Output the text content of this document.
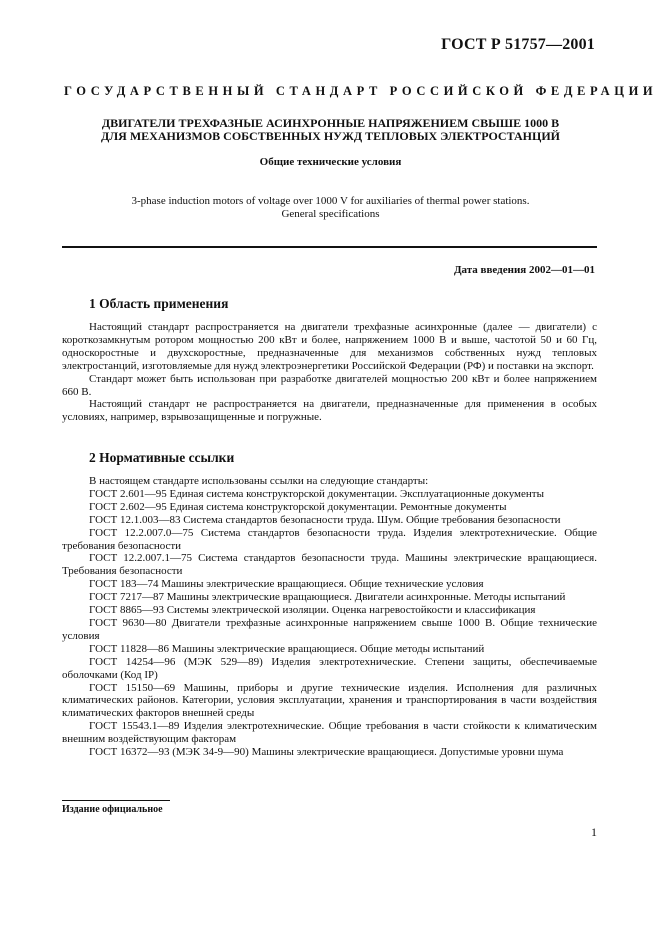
ГОСТ Р 51757—2001
ГОСУДАРСТВЕННЫЙ СТАНДАРТ РОССИЙСКОЙ ФЕДЕРАЦИИ
ДВИГАТЕЛИ ТРЕХФАЗНЫЕ АСИНХРОННЫЕ НАПРЯЖЕНИЕМ СВЫШЕ 1000 В
ДЛЯ МЕХАНИЗМОВ СОБСТВЕННЫХ НУЖД ТЕПЛОВЫХ ЭЛЕКТРОСТАНЦИЙ
Общие технические условия
3-phase induction motors of voltage over 1000 V for auxiliaries of thermal power stations.
General specifications
Дата введения 2002—01—01
1 Область применения

Настоящий стандарт распространяется на двигатели трехфазные асинхронные (далее — двигатели) с короткозамкнутым ротором мощностью 200 кВт и более, напряжением 1000 В и выше, частотой 50 и 60 Гц, односкоростные и двухскоростные, предназначенные для механизмов собственных нужд тепловых электростанций, изготовляемые для нужд электроэнергетики Российской Федерации (РФ) и поставки на экспорт.

Стандарт может быть использован при разработке двигателей мощностью 200 кВт и более напряжением 660 В.

Настоящий стандарт не распространяется на двигатели, предназначенные для применения в особых условиях, например, взрывозащищенные и погружные.

2 Нормативные ссылки

В настоящем стандарте использованы ссылки на следующие стандарты:

ГОСТ 2.601—95 Единая система конструкторской документации. Эксплуатационные документы

ГОСТ 2.602—95 Единая система конструкторской документации. Ремонтные документы

ГОСТ 12.1.003—83 Система стандартов безопасности труда. Шум. Общие требования безопасности

ГОСТ 12.2.007.0—75 Система стандартов безопасности труда. Изделия электротехнические. Общие требования безопасности

ГОСТ 12.2.007.1—75 Система стандартов безопасности труда. Машины электрические вращающиеся. Требования безопасности

ГОСТ 183—74 Машины электрические вращающиеся. Общие технические условия

ГОСТ 7217—87 Машины электрические вращающиеся. Двигатели асинхронные. Методы испытаний

ГОСТ 8865—93 Системы электрической изоляции. Оценка нагревостойкости и классификация

ГОСТ 9630—80 Двигатели трехфазные асинхронные напряжением свыше 1000 В. Общие технические условия

ГОСТ 11828—86 Машины электрические вращающиеся. Общие методы испытаний

ГОСТ 14254—96 (МЭК 529—89) Изделия электротехнические. Степени защиты, обеспечиваемые оболочками (Код IP)

ГОСТ 15150—69 Машины, приборы и другие технические изделия. Исполнения для различных климатических районов. Категории, условия эксплуатации, хранения и транспортирования в части воздействия климатических факторов внешней среды

ГОСТ 15543.1—89 Изделия электротехнические. Общие требования в части стойкости к климатическим внешним воздействующим факторам

ГОСТ 16372—93 (МЭК 34-9—90) Машины электрические вращающиеся. Допустимые уровни шума

Издание официальное
1
